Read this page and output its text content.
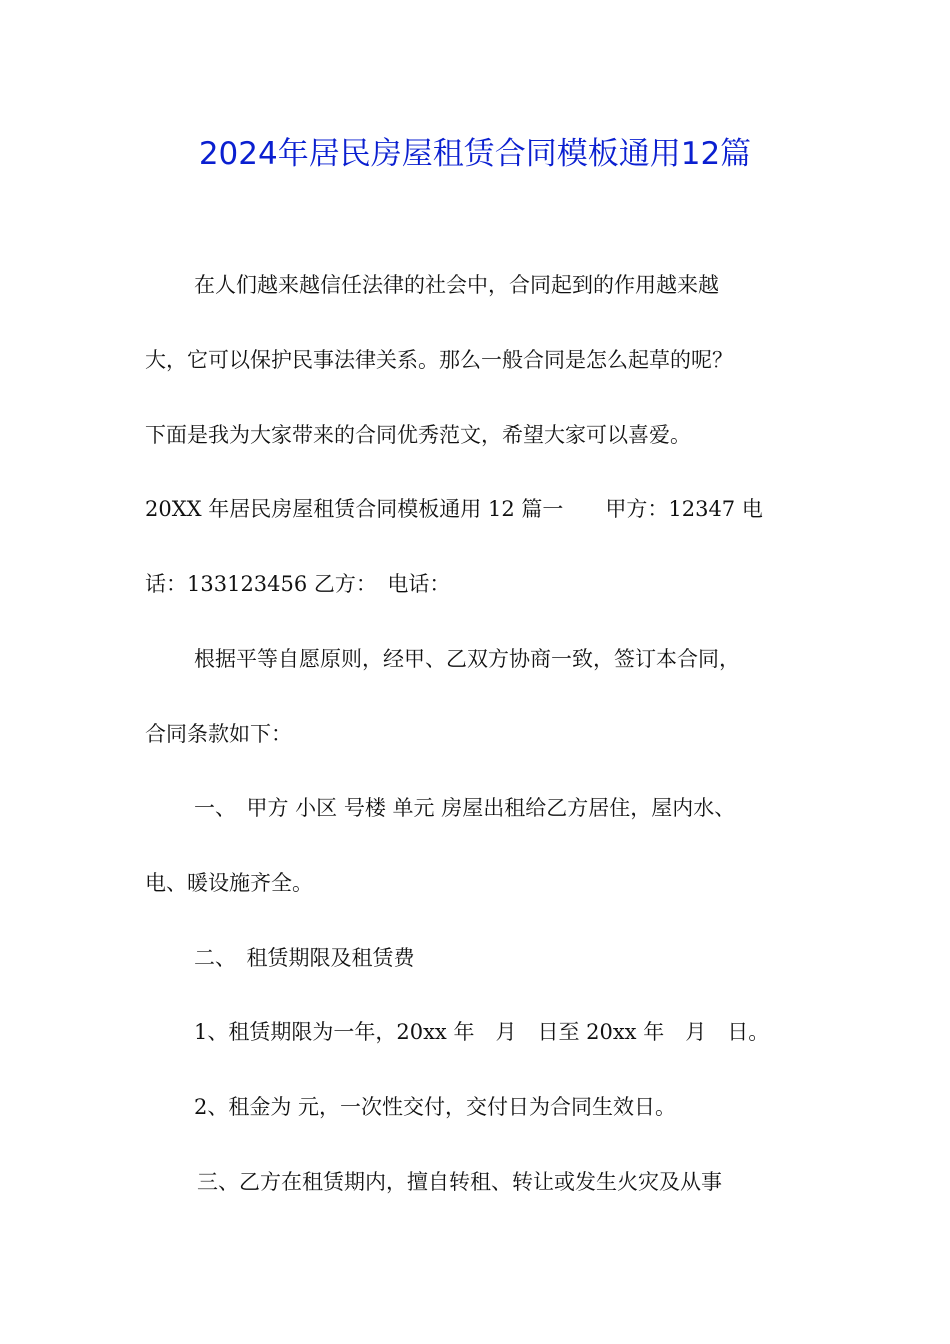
2024年居民房屋租赁合同模板通用12篇

在人们越来越信任法律的社会中，合同起到的作用越来越

大，它可以保护民事法律关系。那么一般合同是怎么起草的呢？

下面是我为大家带来的合同优秀范文，希望大家可以喜爱。

20XX 年居民房屋租赁合同模板通用 12 篇一　　甲方：12347 电

话：133123456 乙方：　电话：

根据平等自愿原则，经甲、乙双方协商一致，签订本合同，

合同条款如下：

一、　甲方 小区 号楼 单元 房屋出租给乙方居住，屋内水、

电、暖设施齐全。

二、　租赁期限及租赁费

1、租赁期限为一年，20xx 年　月　日至 20xx 年　月　日。

2、租金为 元，一次性交付，交付日为合同生效日。

三、乙方在租赁期内，擅自转租、转让或发生火灾及从事
